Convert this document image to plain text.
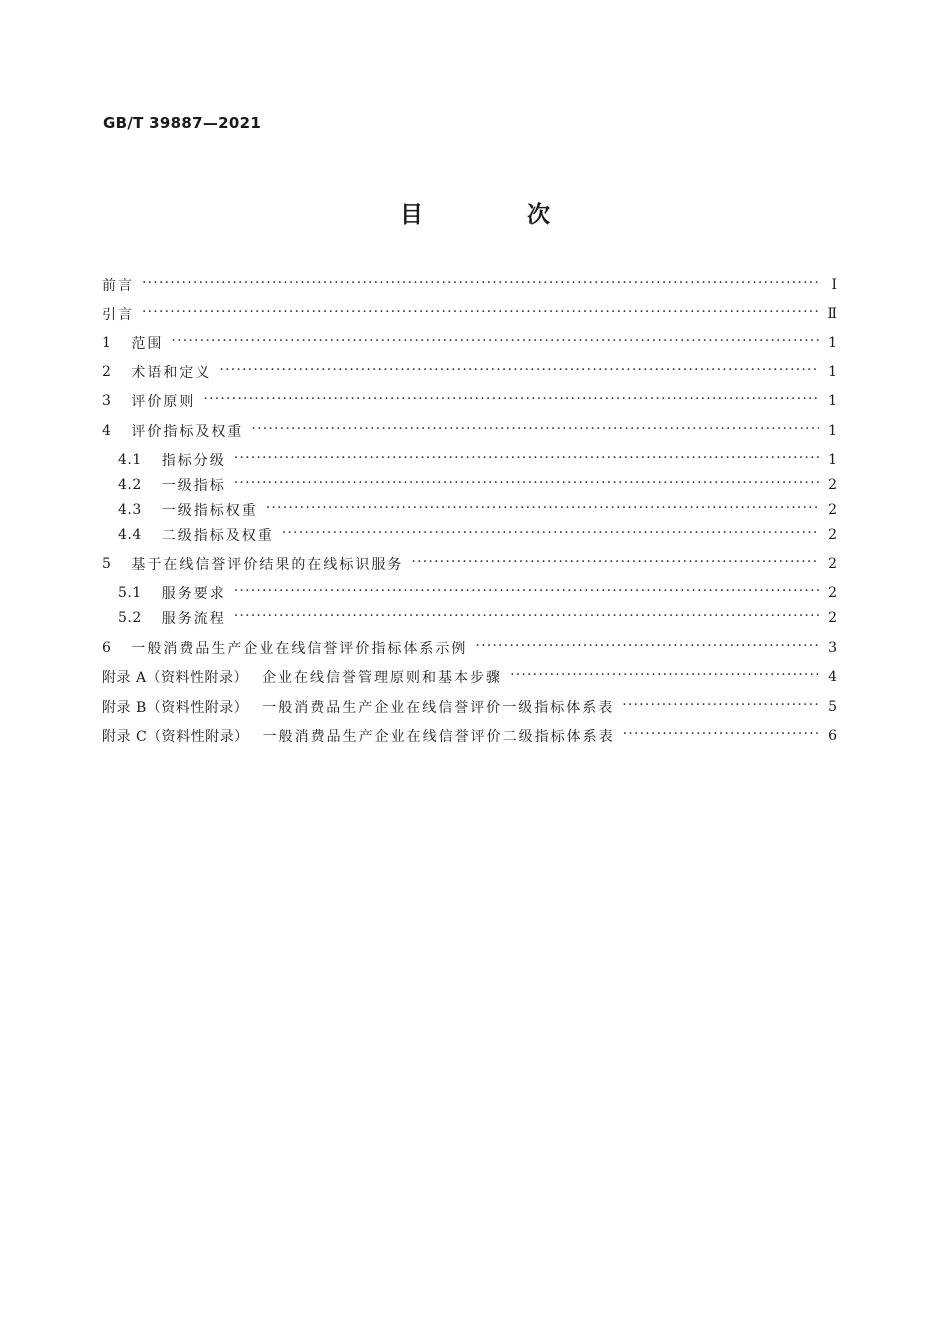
GB/T 39887—2021
目 次
前言 ·····	Ⅰ
引言 ·····	Ⅱ
1 范围 ·····	1
2 术语和定义 ·····	1
3 评价原则 ·····	1
4 评价指标及权重 ·····	1
4.1 指标分级 ·····	1
4.2 一级指标 ·····	2
4.3 一级指标权重 ·····	2
4.4 二级指标及权重 ·····	2
5 基于在线信誉评价结果的在线标识服务 ·····	2
5.1 服务要求 ·····	2
5.2 服务流程 ·····	2
6 一般消费品生产企业在线信誉评价指标体系示例 ·····	3
附录 A（资料性附录） 企业在线信誉管理原则和基本步骤 ·····	4
附录 B（资料性附录） 一般消费品生产企业在线信誉评价一级指标体系表 ·····	5
附录 C（资料性附录） 一般消费品生产企业在线信誉评价二级指标体系表 ·····	6
